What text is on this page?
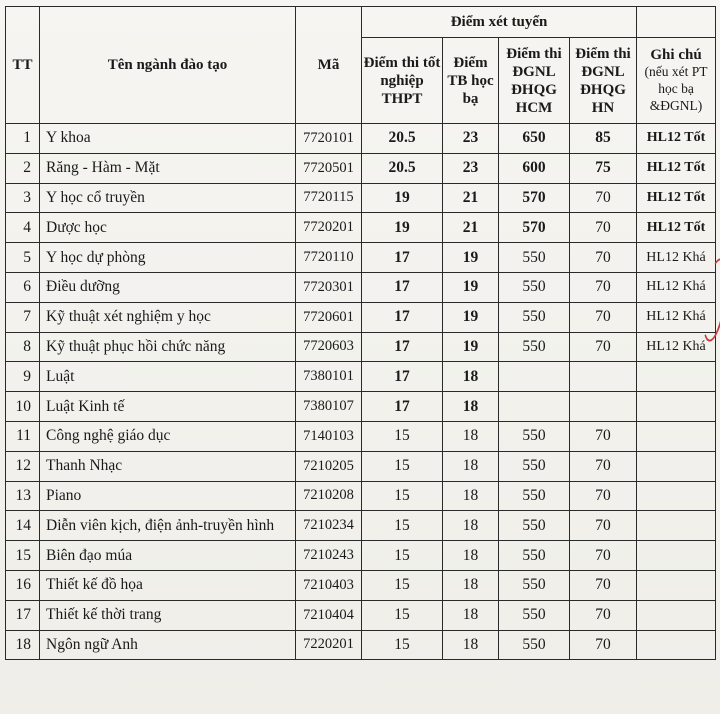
TT	Tên ngành đào tạo	Mã	Điểm xét tuyển				
			Điểm thi tốt nghiệp THPT	Điểm TB học bạ	Điểm thi ĐGNL ĐHQG HCM	Điểm thi ĐGNL ĐHQG HN	Ghi chú
(nếu xét PT học bạ &ĐGNL)

1	Y khoa	7720101	20.5	23	650	85	HL12 Tốt
2	Răng - Hàm - Mặt	7720501	20.5	23	600	75	HL12 Tốt
3	Y học cổ truyền	7720115	19	21	570	70	HL12 Tốt
4	Dược học	7720201	19	21	570	70	HL12 Tốt
5	Y học dự phòng	7720110	17	19	550	70	HL12 Khá
6	Điều dưỡng	7720301	17	19	550	70	HL12 Khá
7	Kỹ thuật xét nghiệm y học	7720601	17	19	550	70	HL12 Khá
8	Kỹ thuật phục hồi chức năng	7720603	17	19	550	70	HL12 Khá
9	Luật	7380101	17	18			
10	Luật Kinh tế	7380107	17	18			
11	Công nghệ giáo dục	7140103	15	18	550	70	
12	Thanh Nhạc	7210205	15	18	550	70	
13	Piano	7210208	15	18	550	70	
14	Diễn viên kịch, điện ảnh-truyền hình	7210234	15	18	550	70	
15	Biên đạo múa	7210243	15	18	550	70	
16	Thiết kế đồ họa	7210403	15	18	550	70	
17	Thiết kế thời trang	7210404	15	18	550	70	
18	Ngôn ngữ Anh	7220201	15	18	550	70	
